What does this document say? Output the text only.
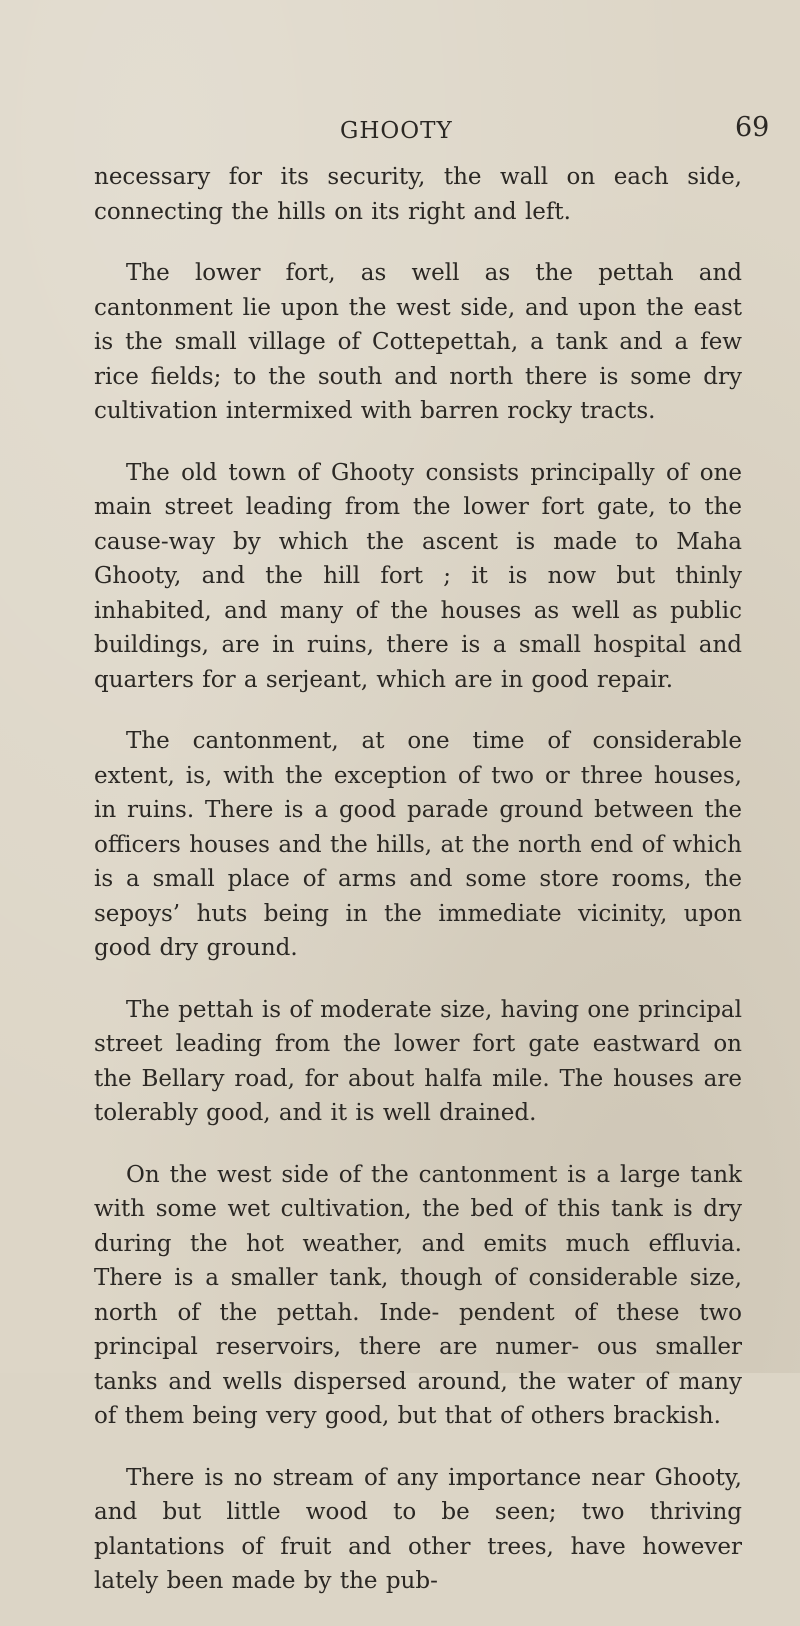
GHOOTY	69

necessary for its security, the wall on each side, connecting the hills on its right and left.

The lower fort, as well as the pettah and cantonment lie upon the west side, and upon the east is the small village of Cottepettah, a tank and a few rice fields; to the south and north there is some dry cultivation intermixed with barren rocky tracts.

The old town of Ghooty consists principally of one main street leading from the lower fort gate, to the cause-way by which the ascent is made to Maha Ghooty, and the hill fort ; it is now but thinly inhabited, and many of the houses as well as public buildings, are in ruins, there is a small hospital and quarters for a serjeant, which are in good repair.

The cantonment, at one time of considerable extent, is, with the exception of two or three houses, in ruins. There is a good parade ground between the officers houses and the hills, at the north end of which is a small place of arms and some store rooms, the sepoys’ huts being in the immediate vicinity, upon good dry ground.

The pettah is of moderate size, having one principal street leading from the lower fort gate eastward on the Bellary road, for about halfa mile. The houses are tolerably good, and it is well drained.

On the west side of the cantonment is a large tank with some wet cultivation, the bed of this tank is dry during the hot weather, and emits much effluvia. There is a smaller tank, though of considerable size, north of the pettah. Inde- pendent of these two principal reservoirs, there are numer- ous smaller tanks and wells dispersed around, the water of many of them being very good, but that of others brackish.

There is no stream of any importance near Ghooty, and but little wood to be seen; two thriving plantations of fruit and other trees, have however lately been made by the pub-
